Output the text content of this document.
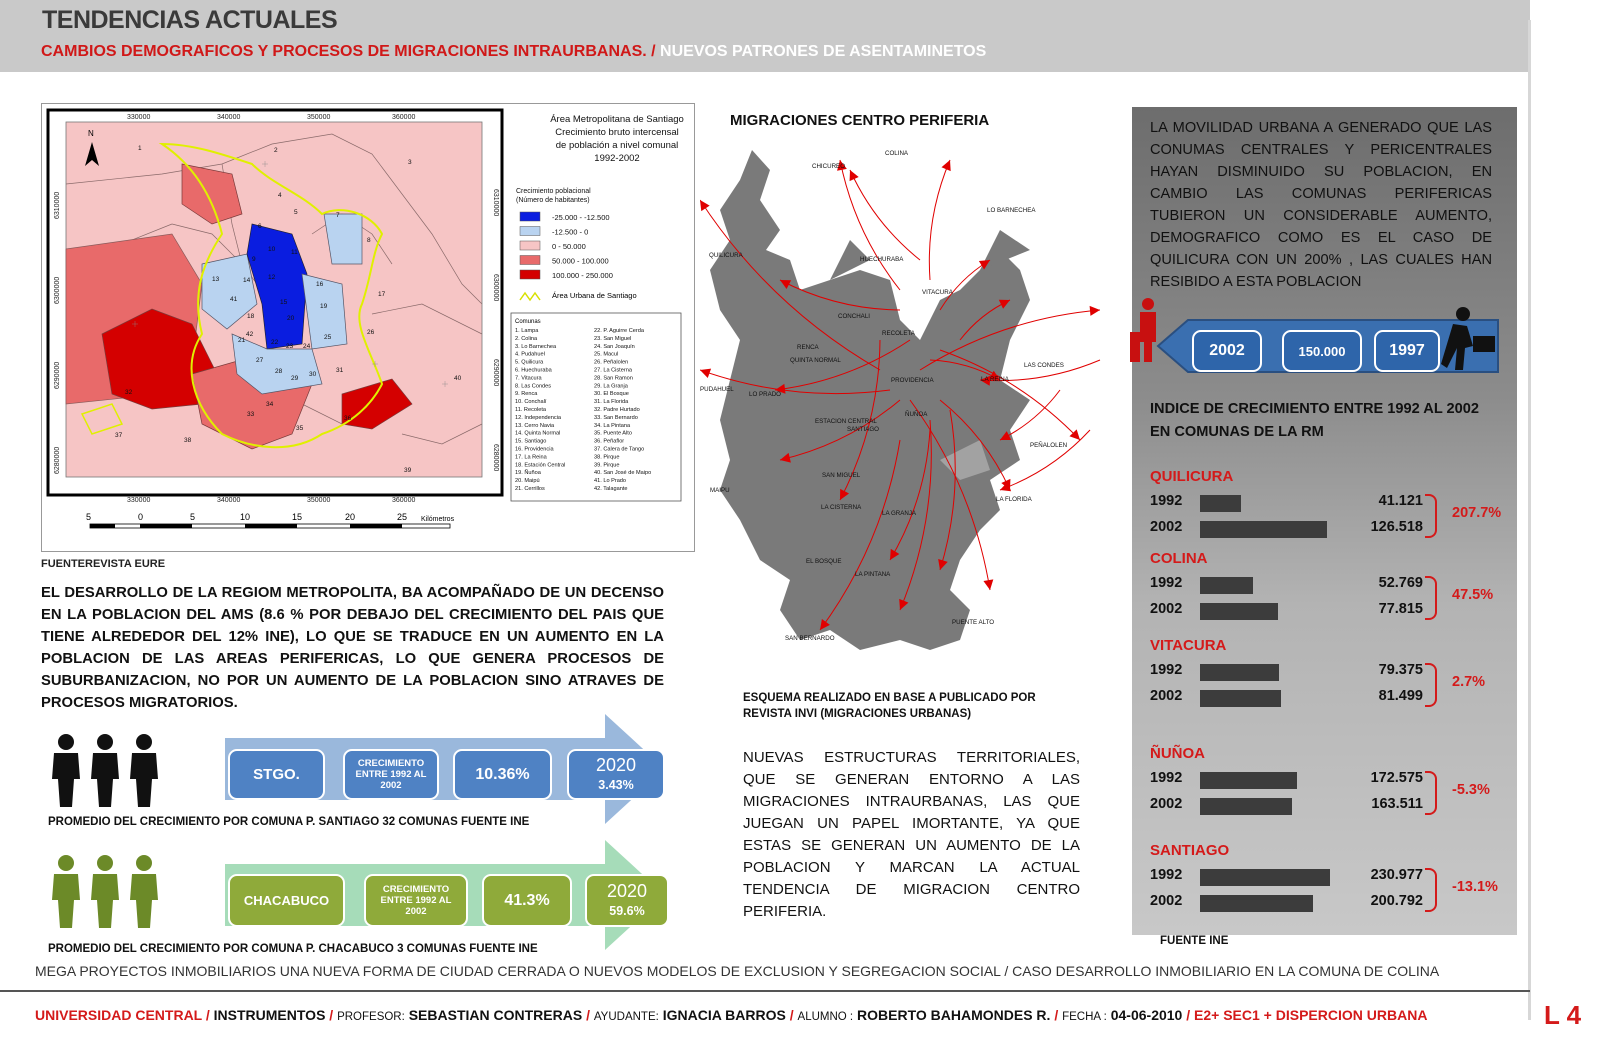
TENDENCIAS ACTUALES
CAMBIOS DEMOGRAFICOS Y PROCESOS DE MIGRACIONES INTRAURBANAS. / NUEVOS PATRONES DE ASENTAMINETOS
N
330000	340000	350000	360000
330000	340000	350000	360000
6310000
6300000
6290000
6280000
6310000
6300000
6290000
6280000
1	2
3
4
5
6
7
8
9
10 11
12
13	14
15
16
17
18
19
20
21	22
23 24
25
26
27
28
29
30
31
32
33
34
35
36
37
38
39
40
41
42
5	0	5	10	15	20	25 Kilómetros
Área Metropolitana de Santiago
Crecimiento bruto intercensal
de población a nivel comunal
1992-2002
Crecimiento poblacional
(Número de habitantes)
-25.000 - -12.500
-12.500 - 0
0 - 50.000
50.000 - 100.000
100.000 - 250.000
Área Urbana de Santiago
Comunas
1. Lampa
2. Colina
3. Lo Barnechea
4. Pudahuel
5. Quilicura
6. Huechuraba
7. Vitacura
8. Las Condes
9. Renca
10. Conchalí
11. Recoleta
12. Independencia
13. Cerro Navia
14. Quinta Normal
15. Santiago
16. Providencia
17. La Reina
18. Estación Central
19. Ñuñoa
20. Maipú
21. Cerrillos
22. P. Aguirre Cerda
23. San Miguel
24. San Joaquín
25. Macul
26. Peñalolen
27. La Cisterna
28. San Ramon
29. La Granja
30. El Bosque
31. La Florida
32. Padre Hurtado
33. San Bernardo
34. La Pintana
35. Puente Alto
36. Peñaflor
37. Calera de Tango
38. Pirque
39. Pirque
40. San José de Maipo
41. Lo Prado
42. Talagante
FUENTEREVISTA EURE
EL DESARROLLO DE LA REGIOM METROPOLITA, BA ACOMPAÑADO DE UN DECENSO EN LA POBLACION DEL AMS (8.6 % POR DEBAJO DEL CRECIMIENTO DEL PAIS QUE TIENE ALREDEDOR DEL 12% INE), LO QUE SE TRADUCE EN UN AUMENTO EN LA POBLACION DE LAS AREAS PERIFERICAS, LO QUE GENERA PROCESOS DE SUBURBANIZACION, NO POR UN AUMENTO DE LA POBLACION SINO ATRAVES DE PROCESOS MIGRATORIOS.
STGO.
CRECIMIENTO ENTRE 1992 AL 2002
10.36%	2020
3.43%
PROMEDIO DEL CRECIMIENTO POR COMUNA P. SANTIAGO 32 COMUNAS FUENTE INE
CHACABUCO
CRECIMIENTO ENTRE 1992 AL 2002
41.3%	2020
59.6%
PROMEDIO DEL CRECIMIENTO POR COMUNA P. CHACABUCO 3 COMUNAS FUENTE INE
MIGRACIONES CENTRO PERIFERIA
CHICUREO
COLINA
LO BARNECHEA
QUILICURA
HUECHURABA
VITACURA
CONCHALI
RECOLETA
RENCA
QUINTA NORMAL
PUDAHUEL
LO PRADO
PROVIDENCIA	LA REINA
LAS CONDES
ÑUÑOA
ESTACION CENTRAL
SANTIAGO
PEÑALOLEN
SAN MIGUEL
MAIPU
LA CISTERNA
LA GRANJA
LA FLORIDA
EL BOSQUE
LA PINTANA
PUENTE ALTO
SAN BERNARDO
ESQUEMA REALIZADO EN BASE A PUBLICADO POR REVISTA INVI (MIGRACIONES URBANAS)
NUEVAS ESTRUCTURAS TERRITORIALES, QUE SE GENERAN ENTORNO A LAS MIGRACIONES INTRAURBANAS, LAS QUE JUEGAN UN PAPEL IMORTANTE, YA QUE ESTAS SE GENERAN UN AUMENTO DE LA POBLACION Y MARCAN LA ACTUAL TENDENCIA DE MIGRACION CENTRO PERIFERIA.
LA MOVILIDAD URBANA A GENERADO QUE LAS CONUMAS CENTRALES Y PERICENTRALES HAYAN DISMINUIDO SU POBLACION, EN CAMBIO LAS COMUNAS PERIFERICAS TUBIERON UN CONSIDERABLE AUMENTO, DEMOGRAFICO COMO ES EL CASO DE QUILICURA CON UN 200% , LAS CUALES HAN RESIBIDO A ESTA POBLACION
2002	150.000	1997
INDICE DE CRECIMIENTO ENTRE 1992 AL 2002 EN COMUNAS DE LA RM
QUILICURA
1992	41.121
2002	126.518
207.7%
COLINA
1992	52.769
2002	77.815
47.5%
VITACURA
1992	79.375
2002	81.499
2.7%
ÑUÑOA
1992	172.575
2002	163.511
-5.3%
SANTIAGO
1992	230.977
2002	200.792
-13.1%
FUENTE INE
MEGA PROYECTOS INMOBILIARIOS UNA NUEVA FORMA DE CIUDAD CERRADA O NUEVOS MODELOS DE EXCLUSION Y SEGREGACION SOCIAL / CASO DESARROLLO INMOBILIARIO EN LA COMUNA DE COLINA
UNIVERSIDAD CENTRAL / INSTRUMENTOS / PROFESOR: SEBASTIAN CONTRERAS / AYUDANTE: IGNACIA BARROS / ALUMNO : ROBERTO BAHAMONDES R. / FECHA : 04-06-2010 / E2+ SEC1 + DISPERCION URBANA	L 4
